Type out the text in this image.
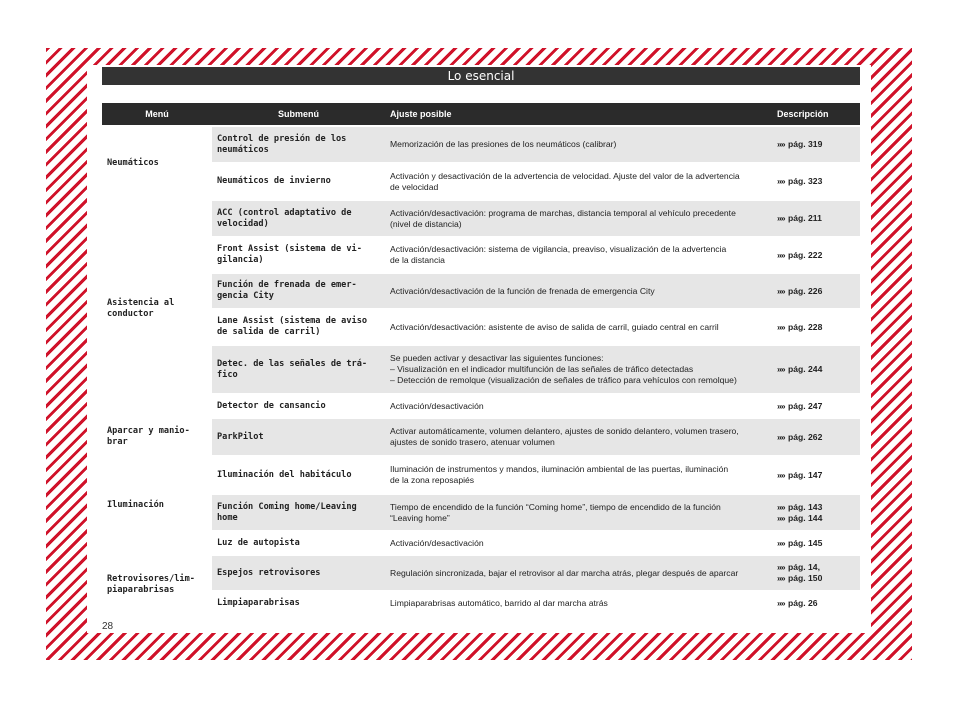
Lo esencial
Menú	Submenú	Ajuste posible	Descripción

Neumáticos	Control de presión de los
neumáticos	Memorización de las presiones de los neumáticos (calibrar)	»» pág. 319

	Neumáticos de invierno	Activación y desactivación de la advertencia de velocidad. Ajuste del valor de la advertencia
de velocidad	»» pág. 323

Asistencia al
conductor	ACC (control adaptativo de
velocidad)	Activación/desactivación: programa de marchas, distancia temporal al vehículo precedente
(nivel de distancia)	»» pág. 211

	Front Assist (sistema de vi-
gilancia)	Activación/desactivación: sistema de vigilancia, preaviso, visualización de la advertencia
de la distancia	»» pág. 222

	Función de frenada de emer-
gencia City	Activación/desactivación de la función de frenada de emergencia City	»» pág. 226

	Lane Assist (sistema de aviso
de salida de carril)	Activación/desactivación: asistente de aviso de salida de carril, guiado central en carril	»» pág. 228

	Detec. de las señales de trá-
fico	Se pueden activar y desactivar las siguientes funciones:
– Visualización en el indicador multifunción de las señales de tráfico detectadas
– Detección de remolque (visualización de señales de tráfico para vehículos con remolque)	»» pág. 244

	Detector de cansancio	Activación/desactivación	»» pág. 247

Aparcar y manio-
brar	ParkPilot	Activar automáticamente, volumen delantero, ajustes de sonido delantero, volumen trasero,
ajustes de sonido trasero, atenuar volumen	»» pág. 262

Iluminación	Iluminación del habitáculo	Iluminación de instrumentos y mandos, iluminación ambiental de las puertas, iluminación
de la zona reposapiés	»» pág. 147

	Función Coming home/Leaving
home	Tiempo de encendido de la función “Coming home”, tiempo de encendido de la función
“Leaving home”	»» pág. 143
»» pág. 144

	Luz de autopista	Activación/desactivación	»» pág. 145

Retrovisores/lim-
piaparabrisas	Espejos retrovisores	Regulación sincronizada, bajar el retrovisor al dar marcha atrás, plegar después de aparcar	»» pág. 14,
»» pág. 150

	Limpiaparabrisas	Limpiaparabrisas automático, barrido al dar marcha atrás	»» pág. 26
28
